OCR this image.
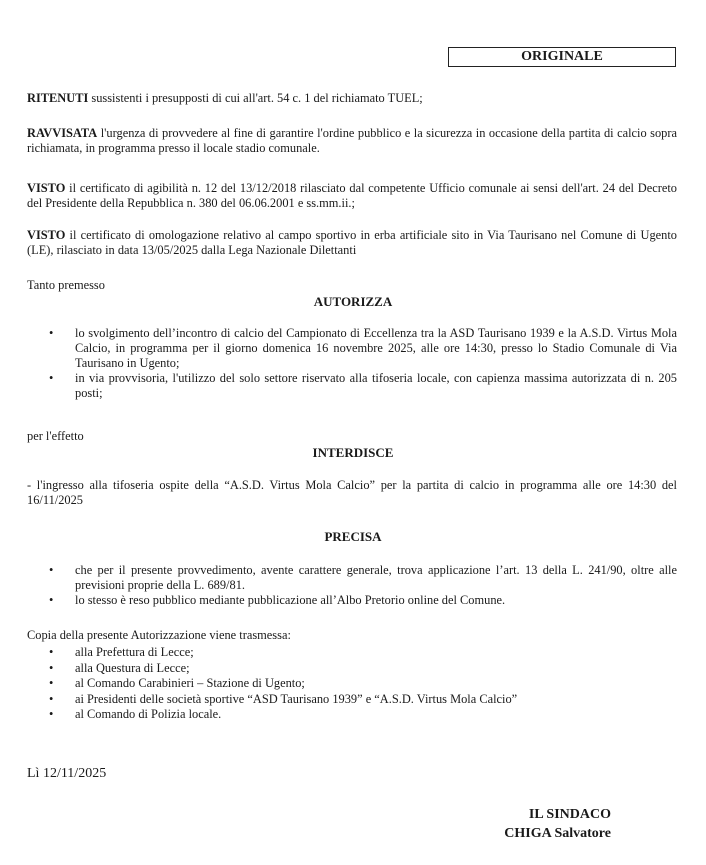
ORIGINALE
RITENUTI sussistenti i presupposti di cui all'art. 54 c. 1 del richiamato TUEL;
RAVVISATA l'urgenza di provvedere al fine di garantire l'ordine pubblico e la sicurezza in occasione della partita di calcio sopra richiamata, in programma presso il locale stadio comunale.
VISTO il certificato di agibilità n. 12 del 13/12/2018 rilasciato dal competente Ufficio comunale ai sensi dell'art. 24 del Decreto del Presidente della Repubblica n. 380 del 06.06.2001 e ss.mm.ii.;
VISTO il certificato di omologazione relativo al campo sportivo in erba artificiale sito in Via Taurisano nel Comune di Ugento (LE), rilasciato in data 13/05/2025 dalla Lega Nazionale Dilettanti
Tanto premesso
AUTORIZZA
• lo svolgimento dell’incontro di calcio del Campionato di Eccellenza tra la ASD Taurisano 1939 e la A.S.D. Virtus Mola Calcio, in programma per il giorno domenica 16 novembre 2025, alle ore 14:30, presso lo Stadio Comunale di Via Taurisano in Ugento;
• in via provvisoria, l'utilizzo del solo settore riservato alla tifoseria locale, con capienza massima autorizzata di n. 205 posti;
per l'effetto
INTERDISCE
- l'ingresso alla tifoseria ospite della “A.S.D. Virtus Mola Calcio” per la partita di calcio in programma alle ore 14:30 del 16/11/2025
PRECISA
• che per il presente provvedimento, avente carattere generale, trova applicazione l’art. 13 della L. 241/90, oltre alle previsioni proprie della L. 689/81.
• lo stesso è reso pubblico mediante pubblicazione all’Albo Pretorio online del Comune.
Copia della presente Autorizzazione viene trasmessa:
• alla Prefettura di Lecce;
• alla Questura di Lecce;
• al Comando Carabinieri – Stazione di Ugento;
• ai Presidenti delle società sportive “ASD Taurisano 1939” e “A.S.D. Virtus Mola Calcio”
• al Comando di Polizia locale.
Lì 12/11/2025
IL SINDACO
CHIGA Salvatore
